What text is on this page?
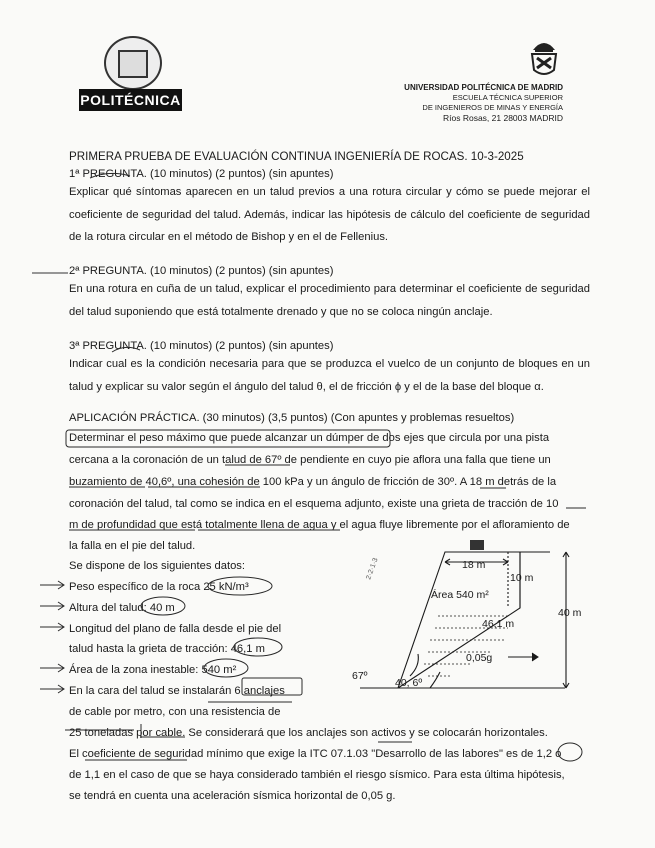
POLITÉCNICA
UNIVERSIDAD POLITÉCNICA DE MADRID
ESCUELA TÉCNICA SUPERIOR
DE INGENIEROS DE MINAS Y ENERGÍA
Ríos Rosas, 21 28003 MADRID
PRIMERA PRUEBA DE EVALUACIÓN CONTINUA INGENIERÍA DE ROCAS. 10-3-2025
1ª PREGUNTA. (10 minutos) (2 puntos) (sin apuntes)
Explicar qué síntomas aparecen en un talud previos a una rotura circular y cómo se puede mejorar el coeficiente de seguridad del talud. Además, indicar las hipótesis de cálculo del coeficiente de seguridad de la rotura circular en el método de Bishop y en el de Fellenius.
2ª PREGUNTA. (10 minutos) (2 puntos) (sin apuntes)
En una rotura en cuña de un talud, explicar el procedimiento para determinar el coeficiente de seguridad del talud suponiendo que está totalmente drenado y que no se coloca ningún anclaje.
3ª PREGUNTA. (10 minutos) (2 puntos) (sin apuntes)
Indicar cual es la condición necesaria para que se produzca el vuelco de un conjunto de bloques en un talud y explicar su valor según el ángulo del talud θ, el de fricción ϕ y el de la base del bloque α.
APLICACIÓN PRÁCTICA. (30 minutos) (3,5 puntos) (Con apuntes y problemas resueltos)
Determinar el peso máximo que puede alcanzar un dúmper de dos ejes que circula por una pista
cercana a la coronación de un talud de 67º de pendiente en cuyo pie aflora una falla que tiene un
buzamiento de 40,6º, una cohesión de 100 kPa y un ángulo de fricción de 30º. A 18 m detrás de la
coronación del talud, tal como se indica en el esquema adjunto, existe una grieta de tracción de 10
m de profundidad que está totalmente llena de agua y el agua fluye libremente por el afloramiento de
la falla en el pie del talud.
Se dispone de los siguientes datos:
Peso específico de la roca 25 kN/m³
Altura del talud: 40 m
Longitud del plano de falla desde el pie del
talud hasta la grieta de tracción: 46,1 m
Área de la zona inestable: 540 m²
En la cara del talud se instalarán 6 anclajes
de cable por metro, con una resistencia de
25 toneladas por cable. Se considerará que los anclajes son activos y se colocarán horizontales.
El coeficiente de seguridad mínimo que exige la ITC 07.1.03 "Desarrollo de las labores" es de 1,2 o
de 1,1 en el caso de que se haya considerado también el riesgo sísmico. Para esta última hipótesis,
se tendrá en cuenta una aceleración sísmica horizontal de 0,05 g.
18 m
10 m
Área 540 m²
40 m
46,1 m
0,05g
67º
40, 6º
2·2·1·3
